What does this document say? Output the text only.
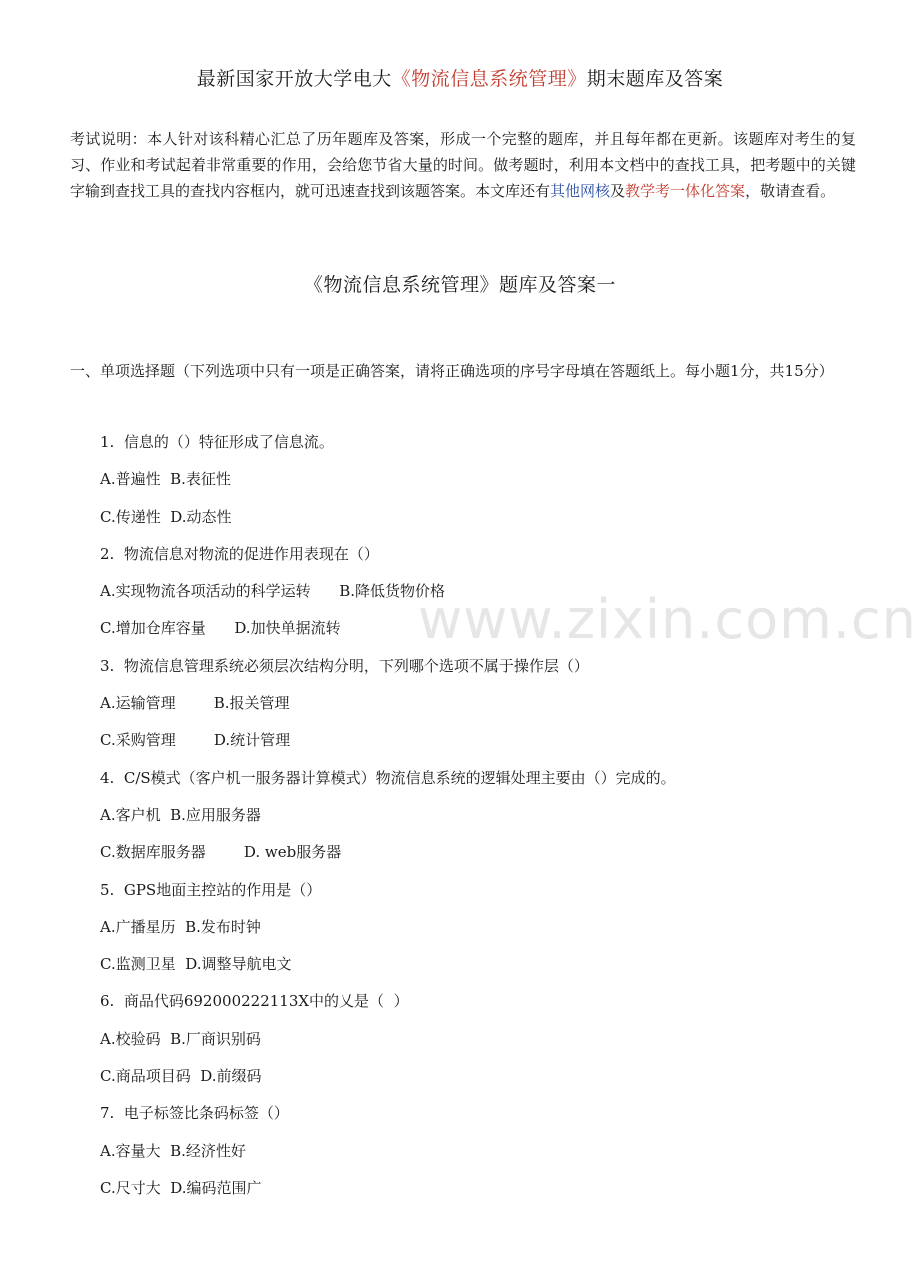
最新国家开放大学电大《物流信息系统管理》期末题库及答案
考试说明：本人针对该科精心汇总了历年题库及答案，形成一个完整的题库，并且每年都在更新。该题库对考生的复习、作业和考试起着非常重要的作用，会给您节省大量的时间。做考题时，利用本文档中的查找工具，把考题中的关键字输到查找工具的查找内容框内，就可迅速查找到该题答案。本文库还有其他网核及教学考一体化答案，敬请查看。
《物流信息系统管理》题库及答案一
一、单项选择题（下列选项中只有一项是正确答案，请将正确选项的序号字母填在答题纸上。每小题1分，共15分）
1.  信息的（）特征形成了信息流。
A.普遍性  B.表征性
C.传递性  D.动态性
2.  物流信息对物流的促进作用表现在（）
A.实现物流各项活动的科学运转      B.降低货物价格
C.增加仓库容量      D.加快单据流转
3.  物流信息管理系统必须层次结构分明，下列哪个选项不属于操作层（）
A.运输管理        B.报关管理
C.采购管理        D.统计管理
4.  C/S模式（客户机一服务器计算模式）物流信息系统的逻辑处理主要由（）完成的。
A.客户机  B.应用服务器
C.数据库服务器        D. web服务器
5.  GPS地面主控站的作用是（）
A.广播星历  B.发布时钟
C.监测卫星  D.调整导航电文
6.  商品代码692000222113X中的乂是（  ）
A.校验码  B.厂商识别码
C.商品项目码  D.前缀码
7.  电子标签比条码标签（）
A.容量大  B.经济性好
C.尺寸大  D.编码范围广
www.zixin.com.cn
